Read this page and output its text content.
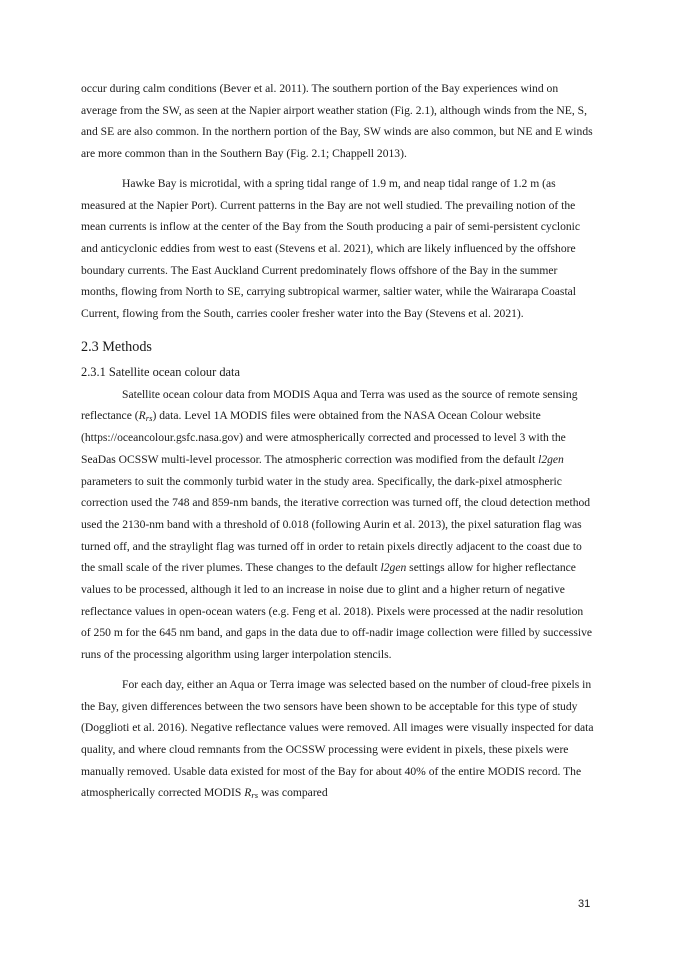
occur during calm conditions (Bever et al. 2011). The southern portion of the Bay experiences wind on average from the SW, as seen at the Napier airport weather station (Fig. 2.1), although winds from the NE, S, and SE are also common. In the northern portion of the Bay, SW winds are also common, but NE and E winds are more common than in the Southern Bay (Fig. 2.1; Chappell 2013).

Hawke Bay is microtidal, with a spring tidal range of 1.9 m, and neap tidal range of 1.2 m (as measured at the Napier Port). Current patterns in the Bay are not well studied. The prevailing notion of the mean currents is inflow at the center of the Bay from the South producing a pair of semi-persistent cyclonic and anticyclonic eddies from west to east (Stevens et al. 2021), which are likely influenced by the offshore boundary currents. The East Auckland Current predominately flows offshore of the Bay in the summer months, flowing from North to SE, carrying subtropical warmer, saltier water, while the Wairarapa Coastal Current, flowing from the South, carries cooler fresher water into the Bay (Stevens et al. 2021).

2.3 Methods
2.3.1 Satellite ocean colour data

Satellite ocean colour data from MODIS Aqua and Terra was used as the source of remote sensing reflectance $(R_{rs})$ data. Level 1A MODIS files were obtained from the NASA Ocean Colour website (https://oceancolour.gsfc.nasa.gov) and were atmospherically corrected and processed to level 3 with the SeaDas OCSSW multi-level processor. The atmospheric correction was modified from the default l2gen parameters to suit the commonly turbid water in the study area. Specifically, the dark-pixel atmospheric correction used the 748 and 859-nm bands, the iterative correction was turned off, the cloud detection method used the 2130-nm band with a threshold of 0.018 (following Aurin et al. 2013), the pixel saturation flag was turned off, and the straylight flag was turned off in order to retain pixels directly adjacent to the coast due to the small scale of the river plumes. These changes to the default l2gen settings allow for higher reflectance values to be processed, although it led to an increase in noise due to glint and a higher return of negative reflectance values in open-ocean waters (e.g. Feng et al. 2018). Pixels were processed at the nadir resolution of 250 m for the 645 nm band, and gaps in the data due to off-nadir image collection were filled by successive runs of the processing algorithm using larger interpolation stencils.

For each day, either an Aqua or Terra image was selected based on the number of cloud-free pixels in the Bay, given differences between the two sensors have been shown to be acceptable for this type of study (Dogglioti et al. 2016). Negative reflectance values were removed. All images were visually inspected for data quality, and where cloud remnants from the OCSSW processing were evident in pixels, these pixels were manually removed. Usable data existed for most of the Bay for about 40% of the entire MODIS record. The atmospherically corrected MODIS $R_{rs}$ was compared

31
